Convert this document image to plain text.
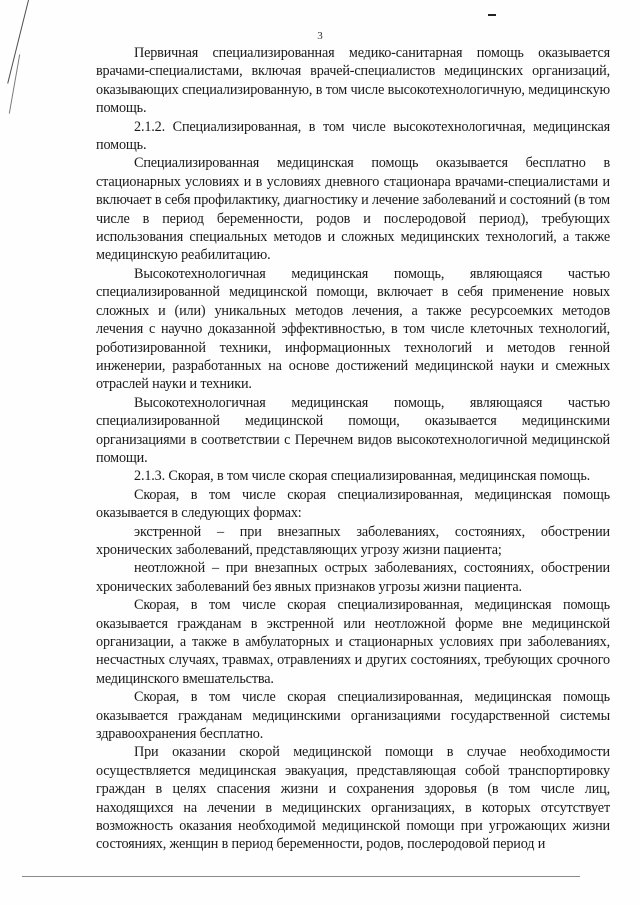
3

Первичная специализированная медико-санитарная помощь оказывается врачами-специалистами, включая врачей-специалистов медицинских организаций, оказывающих специализированную, в том числе высокотехнологичную, медицинскую помощь.

2.1.2. Специализированная, в том числе высокотехнологичная, медицинская помощь.

Специализированная медицинская помощь оказывается бесплатно в стационарных условиях и в условиях дневного стационара врачами-специалистами и включает в себя профилактику, диагностику и лечение заболеваний и состояний (в том числе в период беременности, родов и послеродовой период), требующих использования специальных методов и сложных медицинских технологий, а также медицинскую реабилитацию.

Высокотехнологичная медицинская помощь, являющаяся частью специализированной медицинской помощи, включает в себя применение новых сложных и (или) уникальных методов лечения, а также ресурсоемких методов лечения с научно доказанной эффективностью, в том числе клеточных технологий, роботизированной техники, информационных технологий и методов генной инженерии, разработанных на основе достижений медицинской науки и смежных отраслей науки и техники.

Высокотехнологичная медицинская помощь, являющаяся частью специализированной медицинской помощи, оказывается медицинскими организациями в соответствии с Перечнем видов высокотехнологичной медицинской помощи.

2.1.3. Скорая, в том числе скорая специализированная, медицинская помощь.

Скорая, в том числе скорая специализированная, медицинская помощь оказывается в следующих формах:

экстренной – при внезапных заболеваниях, состояниях, обострении хронических заболеваний, представляющих угрозу жизни пациента;

неотложной – при внезапных острых заболеваниях, состояниях, обострении хронических заболеваний без явных признаков угрозы жизни пациента.

Скорая, в том числе скорая специализированная, медицинская помощь оказывается гражданам в экстренной или неотложной форме вне медицинской организации, а также в амбулаторных и стационарных условиях при заболеваниях, несчастных случаях, травмах, отравлениях и других состояниях, требующих срочного медицинского вмешательства.

Скорая, в том числе скорая специализированная, медицинская помощь оказывается гражданам медицинскими организациями государственной системы здравоохранения бесплатно.

При оказании скорой медицинской помощи в случае необходимости осуществляется медицинская эвакуация, представляющая собой транспортировку граждан в целях спасения жизни и сохранения здоровья (в том числе лиц, находящихся на лечении в медицинских организациях, в которых отсутствует возможность оказания необходимой медицинской помощи при угрожающих жизни состояниях, женщин в период беременности, родов, послеродовой период и
